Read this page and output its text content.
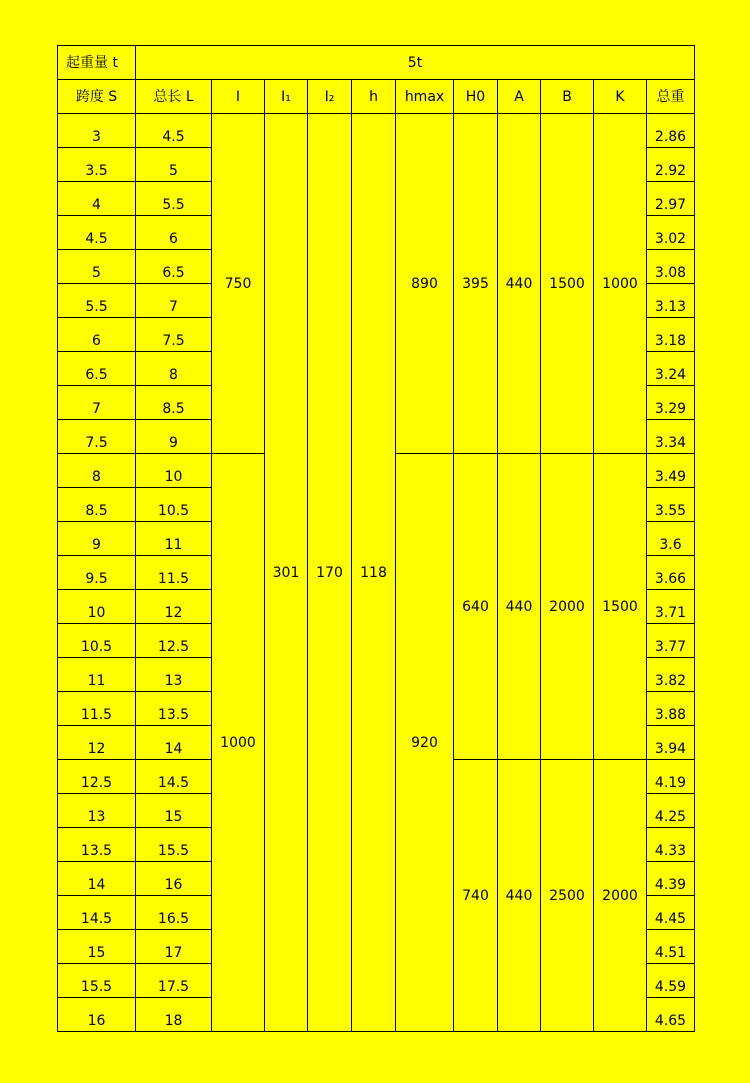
起重量 t	5t										
跨度 S	总长 L	I	I₁	I₂	h	hmax	H0	A	B	K	总重
3	4.5	750	301	170	118	890	395	440	1500	1000	2.86
3.5	5										2.92
4	5.5										2.97
4.5	6										3.02
5	6.5										3.08
5.5	7										3.13
6	7.5										3.18
6.5	8										3.24
7	8.5										3.29
7.5	9										3.34
8	10	1000				920	640	440	2000	1500	3.49
8.5	10.5										3.55
9	11										3.6
9.5	11.5										3.66
10	12										3.71
10.5	12.5										3.77
11	13										3.82
11.5	13.5										3.88
12	14										3.94
12.5	14.5						740	440	2500	2000	4.19
13	15										4.25
13.5	15.5										4.33
14	16										4.39
14.5	16.5										4.45
15	17										4.51
15.5	17.5										4.59
16	18										4.65
